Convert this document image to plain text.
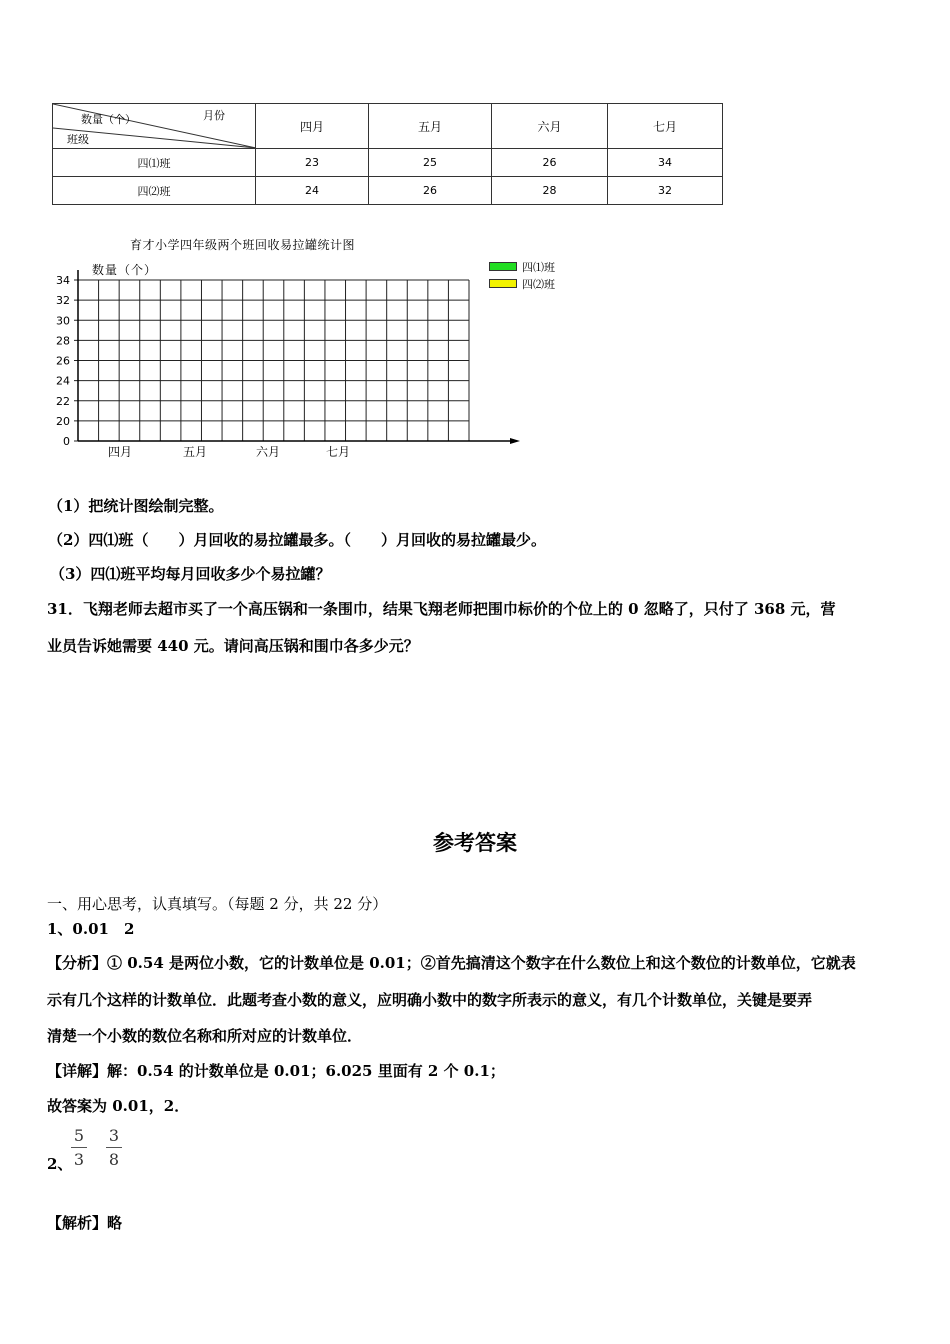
月份
数量（个）
班级	四月	五月	六月	七月
四⑴班	23	25	26	34
四⑵班	24	26	28	32
育才小学四年级两个班回收易拉罐统计图
四⑴班
四⑵班
数量（个）
34
32
30
28
26
24
22
20
0
四月	五月	六月	七月
（1）把统计图绘制完整。
（2）四⑴班（　　）月回收的易拉罐最多。（　　）月回收的易拉罐最少。
（3）四⑴班平均每月回收多少个易拉罐？
31．飞翔老师去超市买了一个高压锅和一条围巾，结果飞翔老师把围巾标价的个位上的 0 忽略了，只付了 368 元，营
业员告诉她需要 440 元。请问高压锅和围巾各多少元？
参考答案
一、用心思考，认真填写。（每题 2 分，共 22 分）
1、0.01　2
【分析】① 0.54 是两位小数，它的计数单位是 0.01；②首先搞清这个数字在什么数位上和这个数位的计数单位，它就表
示有几个这样的计数单位．此题考查小数的意义，应明确小数中的数字所表示的意义，有几个计数单位，关键是要弄
清楚一个小数的数位名称和所对应的计数单位．
【详解】解：0.54 的计数单位是 0.01；6.025 里面有 2 个 0.1；
故答案为 0.01，2．
2、
5
3
3
8
【解析】略
